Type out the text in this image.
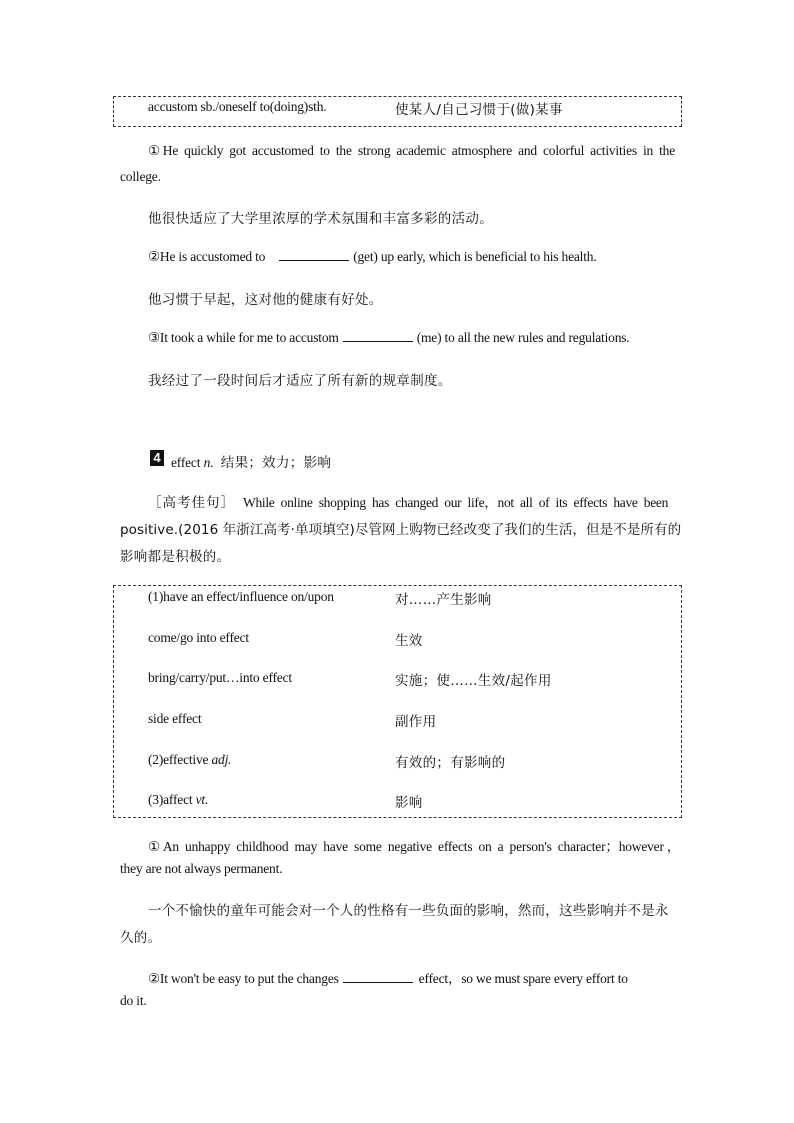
accustom sb./oneself to(doing)sth.	使某人/自己习惯于(做)某事
①He quickly got accustomed to the strong academic atmosphere and colorful activities in the
college.
他很快适应了大学里浓厚的学术氛围和丰富多彩的活动。
②He is accustomed to	(get) up early, which is beneficial to his health.
他习惯于早起，这对他的健康有好处。
③It took a while for me to accustom	(me) to all the new rules and regulations.
我经过了一段时间后才适应了所有新的规章制度。
4 effect n. 结果；效力；影响
［高考佳句］ While  online  shopping  has  changed  our  life，not  all  of  its  effects  have  been
positive.(2016 年浙江高考·单项填空)尽管网上购物已经改变了我们的生活，但是不是所有的
影响都是积极的。
(1)have an effect/influence on/upon	对……产生影响
come/go into effect	生效
bring/carry/put…into effect	实施；使……生效/起作用
side effect	副作用
(2)effective adj.	有效的；有影响的
(3)affect vt.	影响
①An unhappy childhood may have some negative effects on a person's character；however，
they are not always permanent.
一个不愉快的童年可能会对一个人的性格有一些负面的影响，然而，这些影响并不是永
久的。
②It won't be easy to put the changes	effect，so we must spare every effort to
do it.
